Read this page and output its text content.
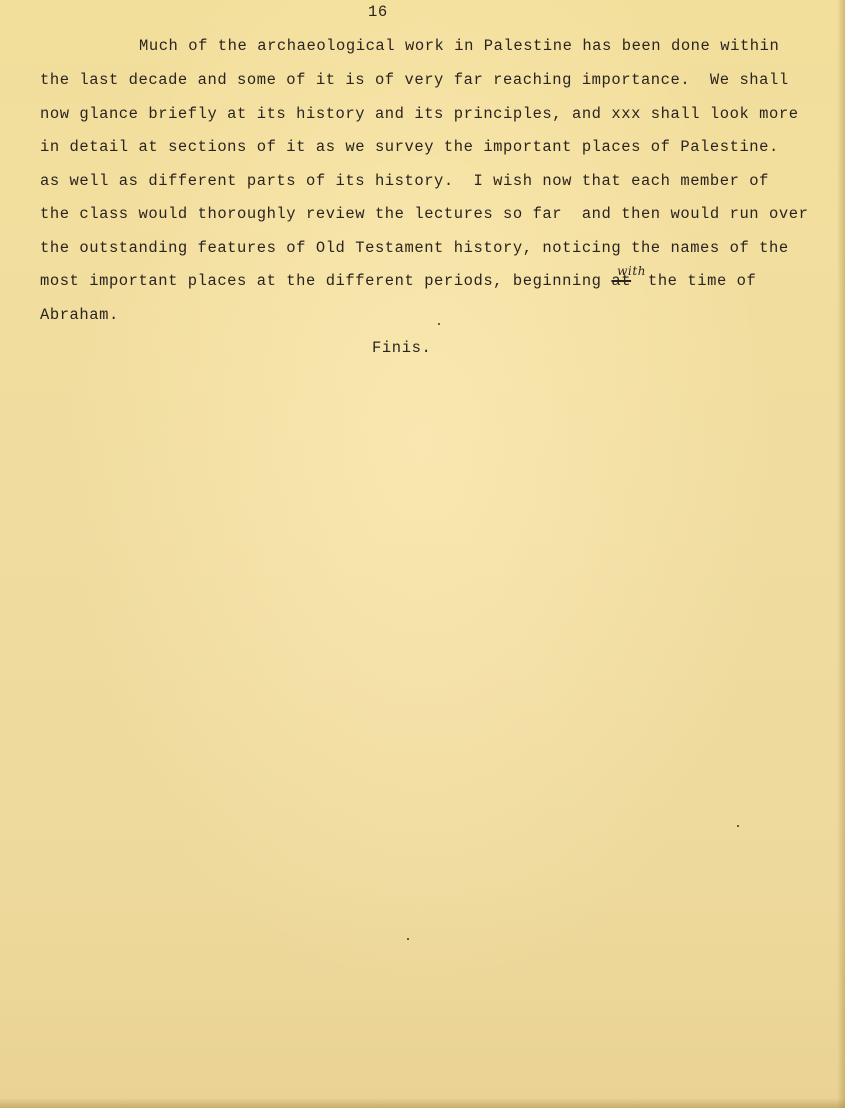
16
Much of the archaeological work in Palestine has been done within
the last decade and some of it is of very far reaching importance.  We shall
now glance briefly at its history and its principles, and xxx shall look more
in detail at sections of it as we survey the important places of Palestine.
as well as different parts of its history.  I wish now that each member of
the class would thoroughly review the lectures so far  and then would run over
the outstanding features of Old Testament history, noticing the names of the
most important places at the different periods, beginning $at^{with}the$ time of
Abraham.
Finis.
